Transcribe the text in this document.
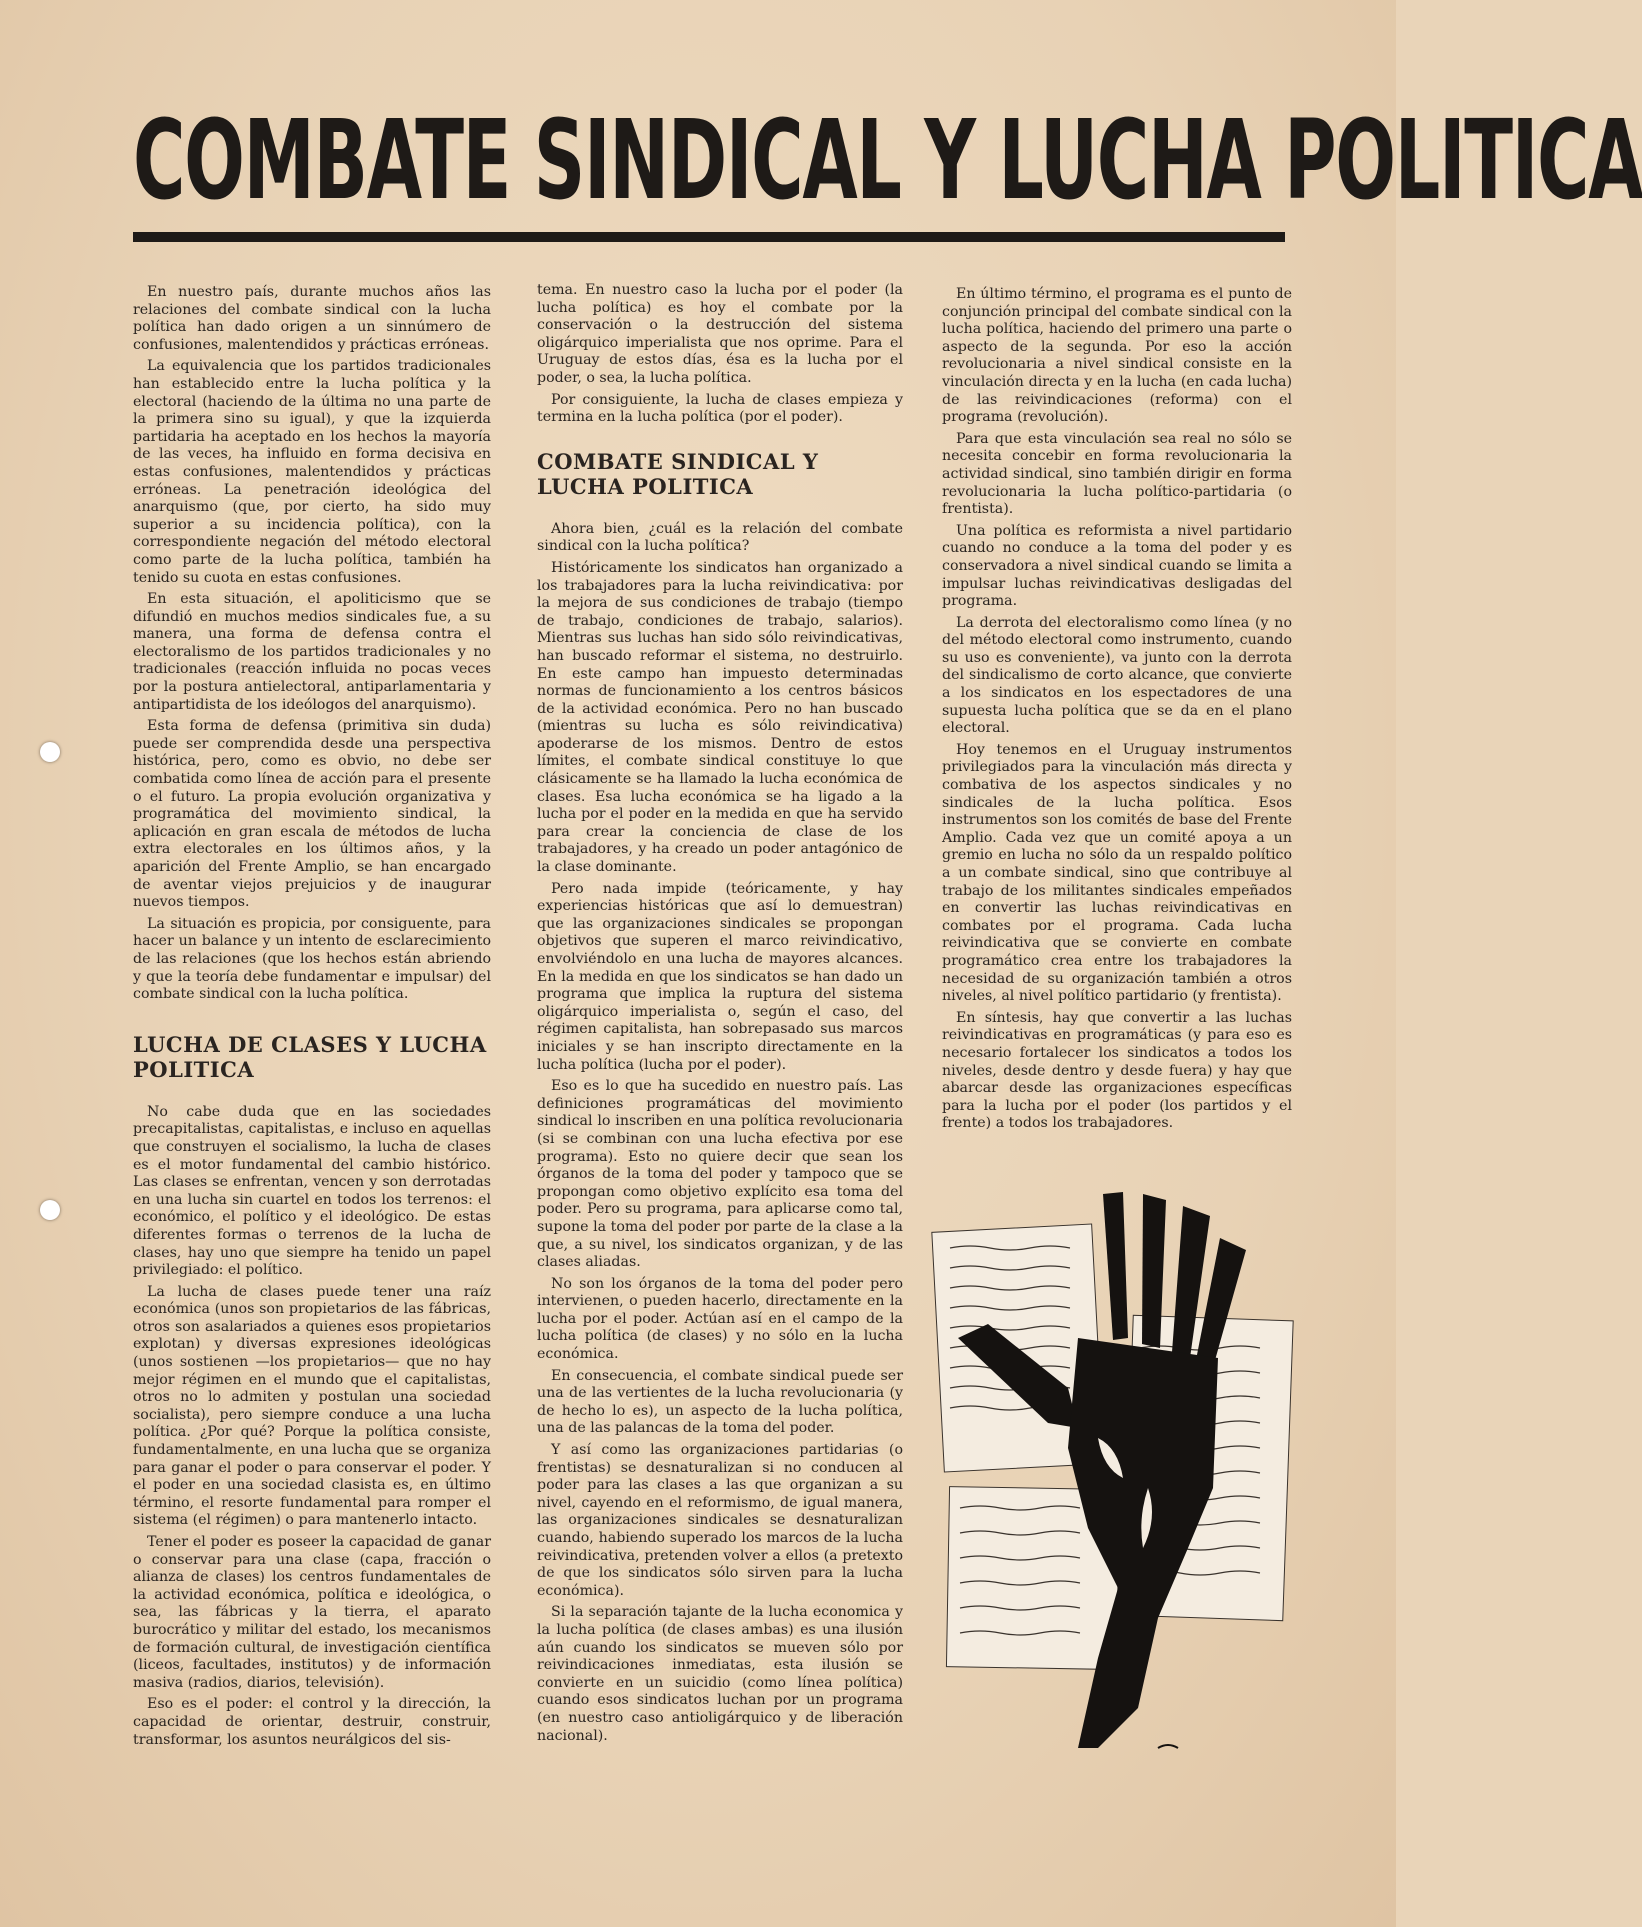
COMBATE SINDICAL Y LUCHA POLITICA

En nuestro país, durante muchos años las relaciones del combate sindical con la lucha política han dado origen a un sinnúmero de confusiones, malentendidos y prácticas erróneas.

La equivalencia que los partidos tradicionales han establecido entre la lucha política y la electoral (haciendo de la última no una parte de la primera sino su igual), y que la izquierda partidaria ha aceptado en los hechos la mayoría de las veces, ha influido en forma decisiva en estas confusiones, malentendidos y prácticas erróneas. La penetración ideológica del anarquismo (que, por cierto, ha sido muy superior a su incidencia política), con la correspondiente negación del método electoral como parte de la lucha política, también ha tenido su cuota en estas confusiones.

En esta situación, el apoliticismo que se difundió en muchos medios sindicales fue, a su manera, una forma de defensa contra el electoralismo de los partidos tradicionales y no tradicionales (reacción influida no pocas veces por la postura antielectoral, antiparlamentaria y antipartidista de los ideólogos del anarquismo).

Esta forma de defensa (primitiva sin duda) puede ser comprendida desde una perspectiva histórica, pero, como es obvio, no debe ser combatida como línea de acción para el presente o el futuro. La propia evolución organizativa y programática del movimiento sindical, la aplicación en gran escala de métodos de lucha extra electorales en los últimos años, y la aparición del Frente Amplio, se han encargado de aventar viejos prejuicios y de inaugurar nuevos tiempos.

La situación es propicia, por consiguente, para hacer un balance y un intento de esclarecimiento de las relaciones (que los hechos están abriendo y que la teoría debe fundamentar e impulsar) del combate sindical con la lucha política.

LUCHA DE CLASES Y LUCHA POLITICA

No cabe duda que en las sociedades precapitalistas, capitalistas, e incluso en aquellas que construyen el socialismo, la lucha de clases es el motor fundamental del cambio histórico. Las clases se enfrentan, vencen y son derrotadas en una lucha sin cuartel en todos los terrenos: el económico, el político y el ideológico. De estas diferentes formas o terrenos de la lucha de clases, hay uno que siempre ha tenido un papel privilegiado: el político.

La lucha de clases puede tener una raíz económica (unos son propietarios de las fábricas, otros son asalariados a quienes esos propietarios explotan) y diversas expresiones ideológicas (unos sostienen —los propietarios— que no hay mejor régimen en el mundo que el capitalistas, otros no lo admiten y postulan una sociedad socialista), pero siempre conduce a una lucha política. ¿Por qué? Porque la política consiste, fundamentalmente, en una lucha que se organiza para ganar el poder o para conservar el poder. Y el poder en una sociedad clasista es, en último término, el resorte fundamental para romper el sistema (el régimen) o para mantenerlo intacto.

Tener el poder es poseer la capacidad de ganar o conservar para una clase (capa, fracción o alianza de clases) los centros fundamentales de la actividad económica, política e ideológica, o sea, las fábricas y la tierra, el aparato burocrático y militar del estado, los mecanismos de formación cultural, de investigación científica (liceos, facultades, institutos) y de información masiva (radios, diarios, televisión).

Eso es el poder: el control y la dirección, la capacidad de orientar, destruir, construir, transformar, los asuntos neurálgicos del sis-

tema. En nuestro caso la lucha por el poder (la lucha política) es hoy el combate por la conservación o la destrucción del sistema oligárquico imperialista que nos oprime. Para el Uruguay de estos días, ésa es la lucha por el poder, o sea, la lucha política.

Por consiguiente, la lucha de clases empieza y termina en la lucha política (por el poder).

COMBATE SINDICAL Y LUCHA POLITICA

Ahora bien, ¿cuál es la relación del combate sindical con la lucha política?

Históricamente los sindicatos han organizado a los trabajadores para la lucha reivindicativa: por la mejora de sus condiciones de trabajo (tiempo de trabajo, condiciones de trabajo, salarios). Mientras sus luchas han sido sólo reivindicativas, han buscado reformar el sistema, no destruirlo. En este campo han impuesto determinadas normas de funcionamiento a los centros básicos de la actividad económica. Pero no han buscado (mientras su lucha es sólo reivindicativa) apoderarse de los mismos. Dentro de estos límites, el combate sindical constituye lo que clásicamente se ha llamado la lucha económica de clases. Esa lucha económica se ha ligado a la lucha por el poder en la medida en que ha servido para crear la conciencia de clase de los trabajadores, y ha creado un poder antagónico de la clase dominante.

Pero nada impide (teóricamente, y hay experiencias históricas que así lo demuestran) que las organizaciones sindicales se propongan objetivos que superen el marco reivindicativo, envolviéndolo en una lucha de mayores alcances. En la medida en que los sindicatos se han dado un programa que implica la ruptura del sistema oligárquico imperialista o, según el caso, del régimen capitalista, han sobrepasado sus marcos iniciales y se han inscripto directamente en la lucha política (lucha por el poder).

Eso es lo que ha sucedido en nuestro país. Las definiciones programáticas del movimiento sindical lo inscriben en una política revolucionaria (si se combinan con una lucha efectiva por ese programa). Esto no quiere decir que sean los órganos de la toma del poder y tampoco que se propongan como objetivo explícito esa toma del poder. Pero su programa, para aplicarse como tal, supone la toma del poder por parte de la clase a la que, a su nivel, los sindicatos organizan, y de las clases aliadas.

No son los órganos de la toma del poder pero intervienen, o pueden hacerlo, directamente en la lucha por el poder. Actúan así en el campo de la lucha política (de clases) y no sólo en la lucha económica.

En consecuencia, el combate sindical puede ser una de las vertientes de la lucha revolucionaria (y de hecho lo es), un aspecto de la lucha política, una de las palancas de la toma del poder.

Y así como las organizaciones partidarias (o frentistas) se desnaturalizan si no conducen al poder para las clases a las que organizan a su nivel, cayendo en el reformismo, de igual manera, las organizaciones sindicales se desnaturalizan cuando, habiendo superado los marcos de la lucha reivindicativa, pretenden volver a ellos (a pretexto de que los sindicatos sólo sirven para la lucha económica).

Si la separación tajante de la lucha economica y la lucha política (de clases ambas) es una ilusión aún cuando los sindicatos se mueven sólo por reivindicaciones inmediatas, esta ilusión se convierte en un suicidio (como línea política) cuando esos sindicatos luchan por un programa (en nuestro caso antioligárquico y de liberación nacional).

En último término, el programa es el punto de conjunción principal del combate sindical con la lucha política, haciendo del primero una parte o aspecto de la segunda. Por eso la acción revolucionaria a nivel sindical consiste en la vinculación directa y en la lucha (en cada lucha) de las reivindicaciones (reforma) con el programa (revolución).

Para que esta vinculación sea real no sólo se necesita concebir en forma revolucionaria la actividad sindical, sino también dirigir en forma revolucionaria la lucha político-partidaria (o frentista).

Una política es reformista a nivel partidario cuando no conduce a la toma del poder y es conservadora a nivel sindical cuando se limita a impulsar luchas reivindicativas desligadas del programa.

La derrota del electoralismo como línea (y no del método electoral como instrumento, cuando su uso es conveniente), va junto con la derrota del sindicalismo de corto alcance, que convierte a los sindicatos en los espectadores de una supuesta lucha política que se da en el plano electoral.

Hoy tenemos en el Uruguay instrumentos privilegiados para la vinculación más directa y combativa de los aspectos sindicales y no sindicales de la lucha política. Esos instrumentos son los comités de base del Frente Amplio. Cada vez que un comité apoya a un gremio en lucha no sólo da un respaldo político a un combate sindical, sino que contribuye al trabajo de los militantes sindicales empeñados en convertir las luchas reivindicativas en combates por el programa. Cada lucha reivindicativa que se convierte en combate programático crea entre los trabajadores la necesidad de su organización también a otros niveles, al nivel político partidario (y frentista).

En síntesis, hay que convertir a las luchas reivindicativas en programáticas (y para eso es necesario fortalecer los sindicatos a todos los niveles, desde dentro y desde fuera) y hay que abarcar desde las organizaciones específicas para la lucha por el poder (los partidos y el frente) a todos los trabajadores.
